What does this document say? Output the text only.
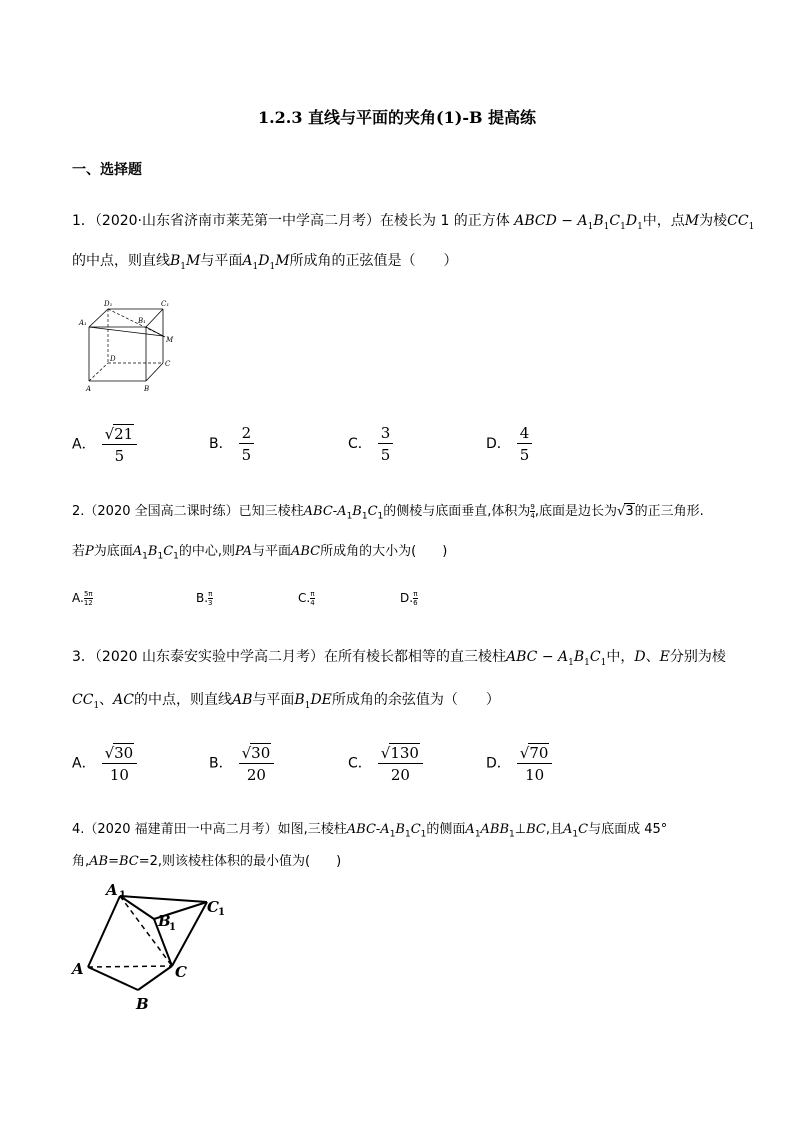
1.2.3 直线与平面的夹角(1)-B 提高练
一、选择题
1．（2020·山东省济南市莱芜第一中学高二月考）在棱长为 1 的正方体 ABCD − $A_1B_1C_1D_1$中，点M为棱$CC_1$
的中点，则直线$B_1M$与平面$A_1D_1M$所成角的正弦值是（　　）
D₁	C₁
A₁	B₁
M
D
C
A	B
A． $\frac{√21}{5}$	B． $\frac{2}{5}$	C． $\frac{3}{5}$	D． $\frac{4}{5}$
2.（2020 全国高二课时练）已知三棱柱ABC-$A_1B_1C_1$的侧棱与底面垂直,体积为 $\frac{9}{4}$,底面是边长为√3的正三角形.
若P为底面$A_1B_1C_1$的中心,则PA与平面ABC所成角的大小为(　　)
A. $\frac{5\pi}{12}$	B. $\frac{\pi}{3}$	C. $\frac{\pi}{4}$	D. $\frac{\pi}{6}$
3．（2020 山东泰安实验中学高二月考）在所有棱长都相等的直三棱柱ABC − $A_1B_1C_1$中，D、E分别为棱
$CC_1$、AC的中点，则直线AB与平面$B_1DE$所成角的余弦值为（　　）
A． $\frac{√30}{10}$	B． $\frac{√30}{20}$	C． $\frac{√130}{20}$	D． $\frac{√70}{10}$
4.（2020 福建莆田一中高二月考）如图,三棱柱ABC-$A_1B_1C_1$的侧面$A_1ABB_1\perp BC$,且$A_1C$与底面成 45°
角,AB=BC=2,则该棱柱体积的最小值为(　　)
A 1
B
1
C 1
A	C
B
